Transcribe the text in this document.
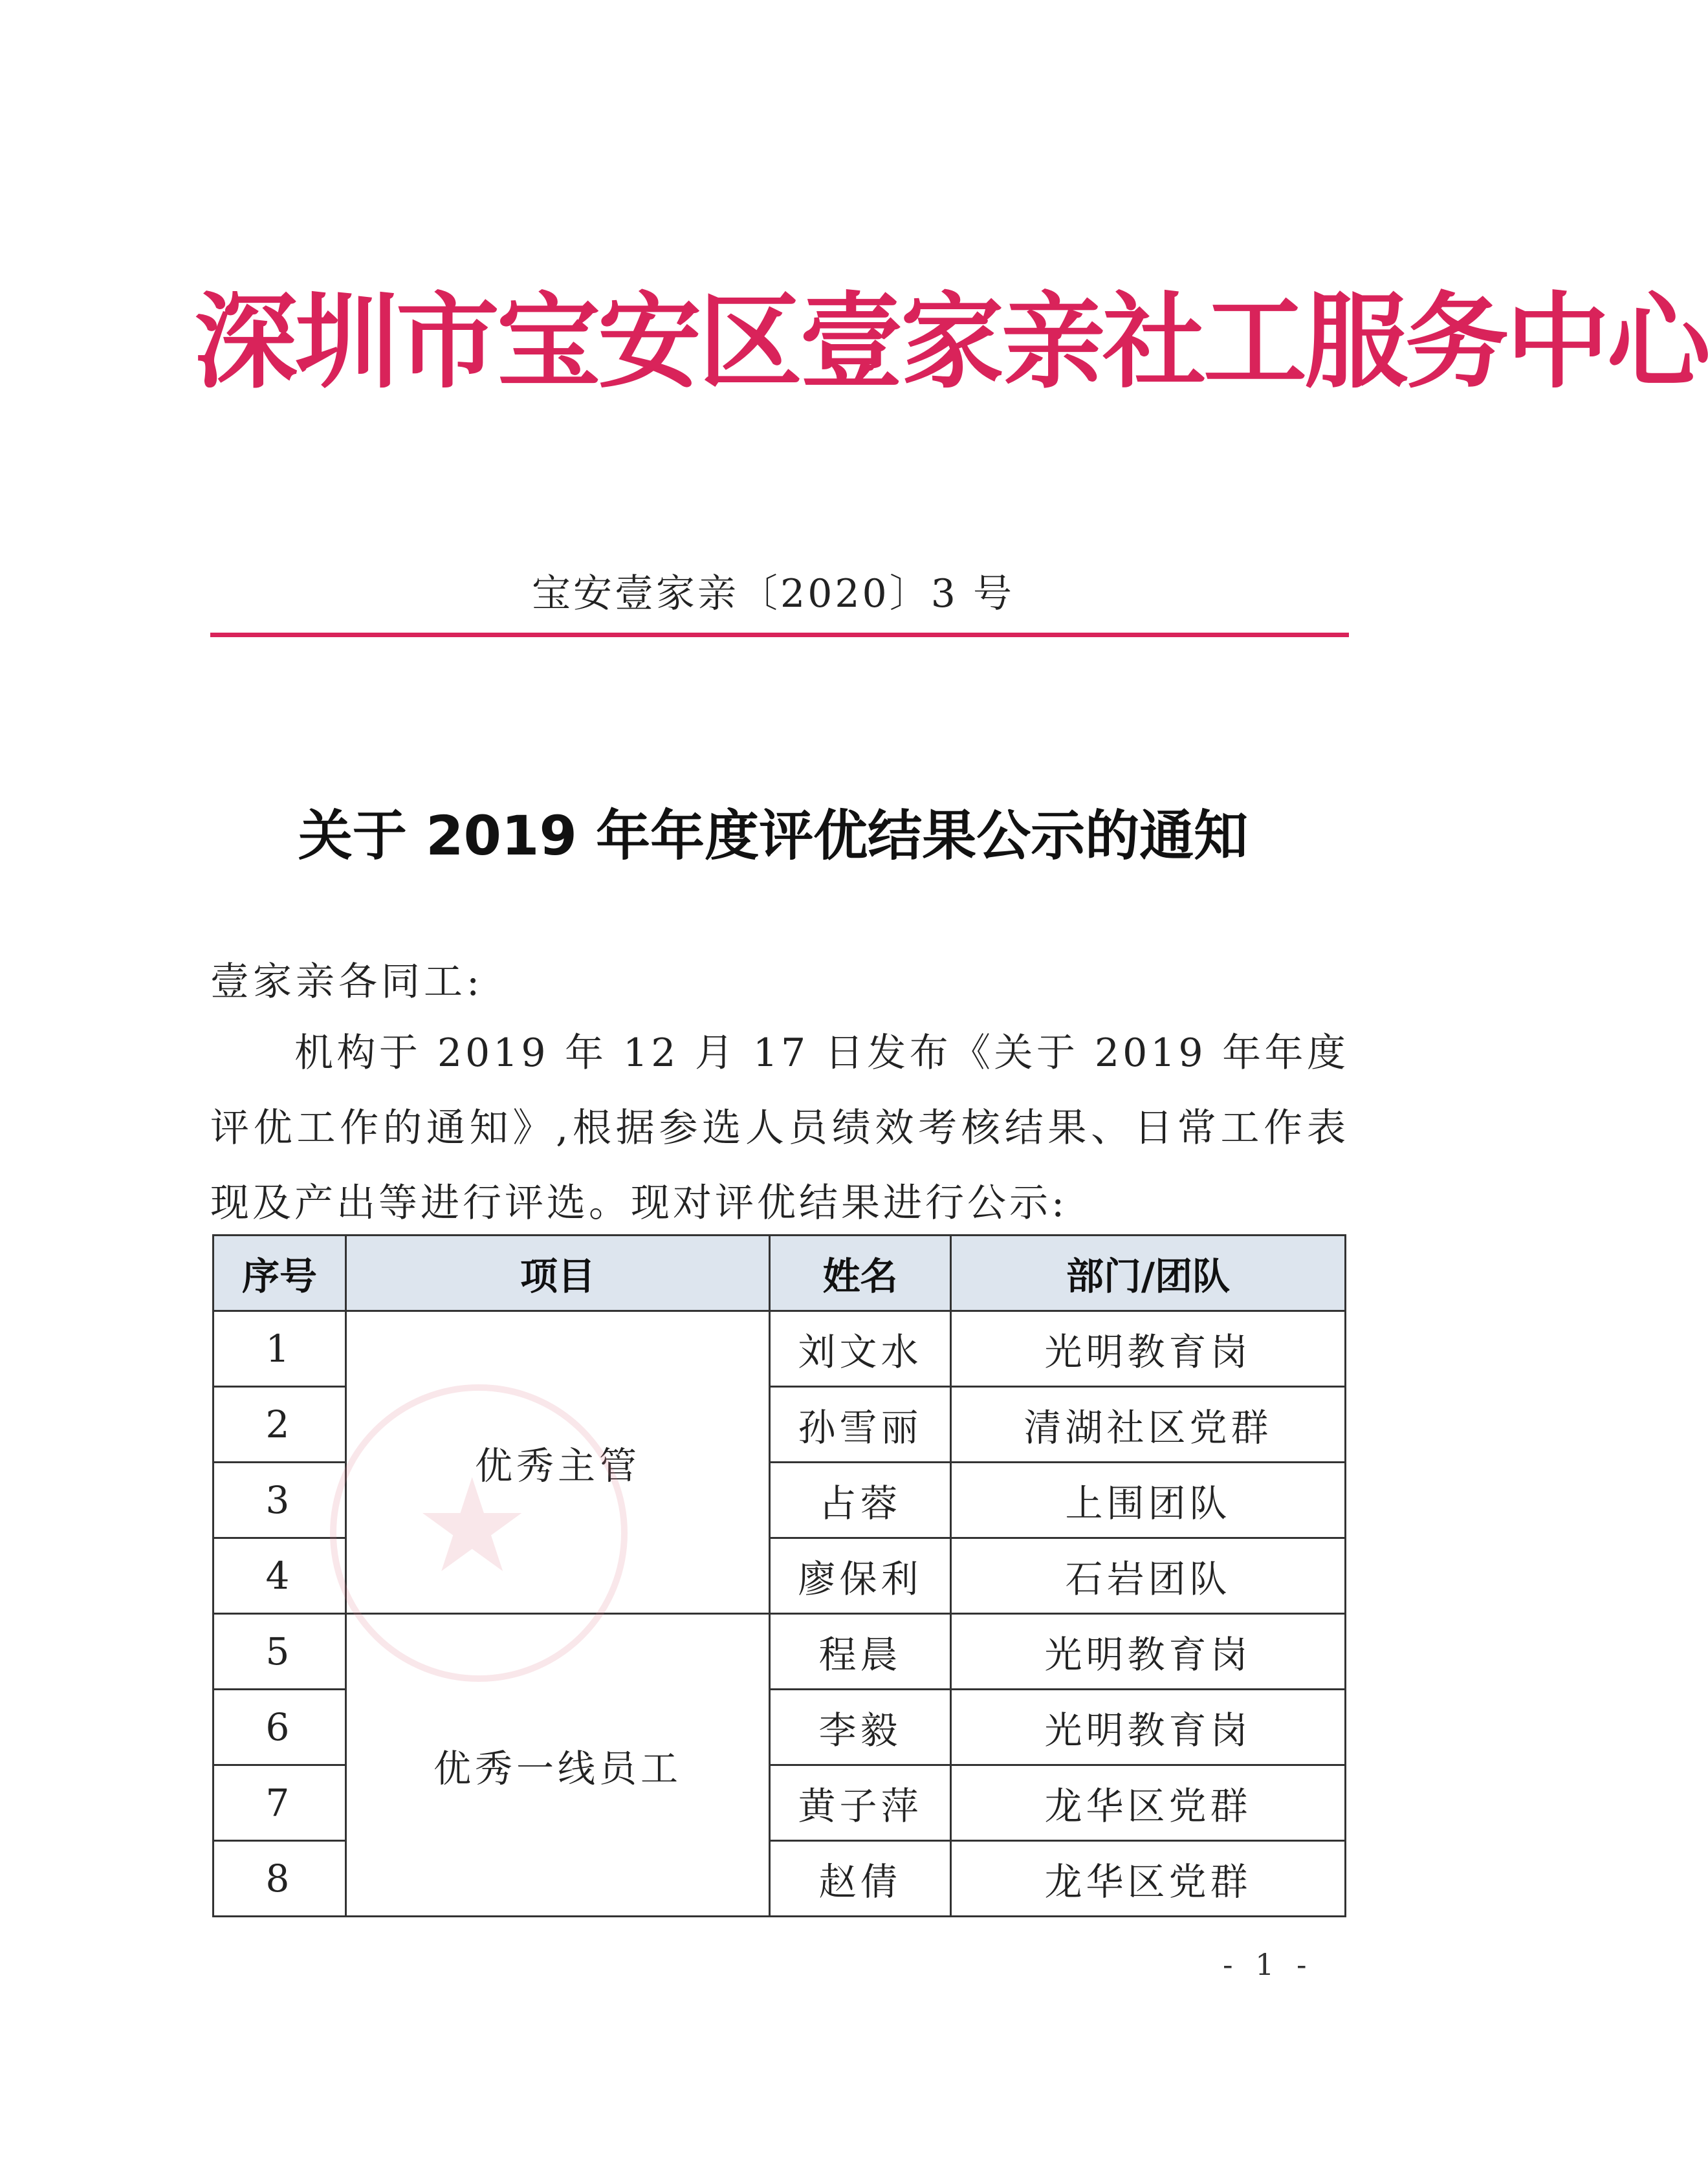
深圳市宝安区壹家亲社工服务中心
宝安壹家亲〔2020〕3 号
关于 2019 年年度评优结果公示的通知
壹家亲各同工:
机构于 2019 年 12 月 17 日发布《关于 2019 年年度评优工作的通知》,根据参选人员绩效考核结果、日常工作表现及产出等进行评选。现对评优结果进行公示:
序号	项目	姓名	部门/团队
1	优秀主管	刘文水	光明教育岗
2		孙雪丽	清湖社区党群
3		占蓉	上围团队
4		廖保利	石岩团队
5	优秀一线员工	程晨	光明教育岗
6		李毅	光明教育岗
7		黄子萍	龙华区党群
8		赵倩	龙华区党群
★
- 1 -
